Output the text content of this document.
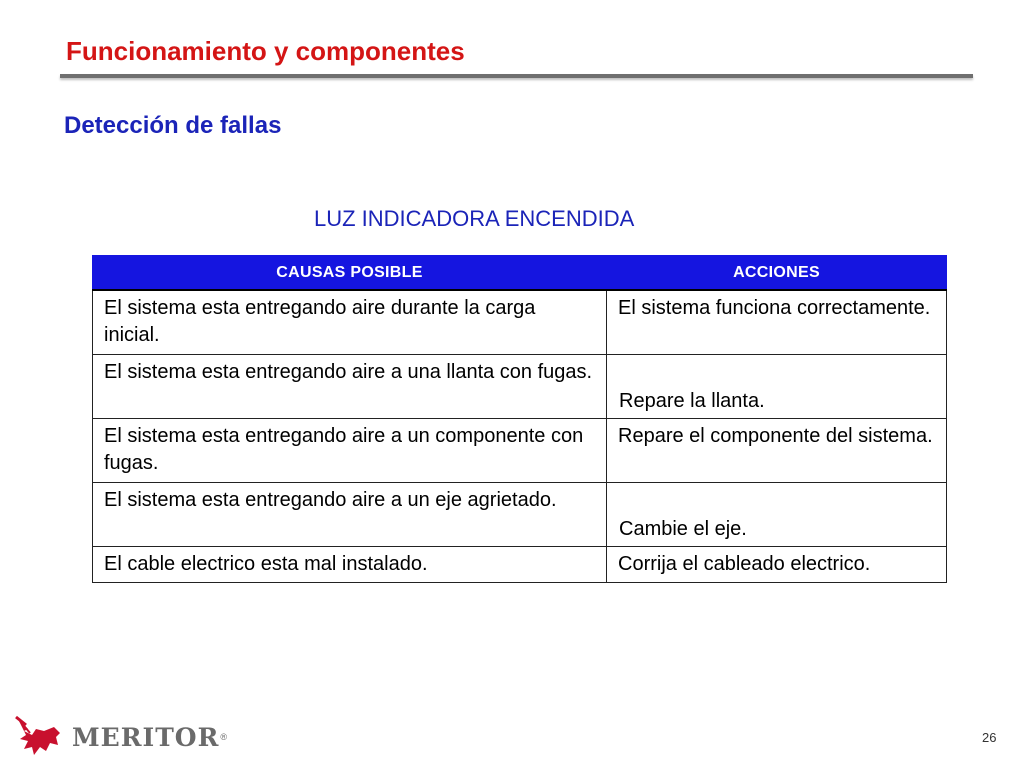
Funcionamiento y componentes
Detección de fallas
LUZ INDICADORA ENCENDIDA
CAUSAS POSIBLE	ACCIONES
El sistema esta entregando aire durante la carga inicial.	El sistema funciona correctamente.
El sistema esta entregando aire a una llanta con fugas.	Repare la llanta.
El sistema esta entregando aire a un componente con fugas.	Repare el componente del sistema.
El sistema esta entregando aire a un eje agrietado.	Cambie el eje.
El cable electrico esta mal instalado.	Corrija el cableado electrico.
MERITOR ®	26
